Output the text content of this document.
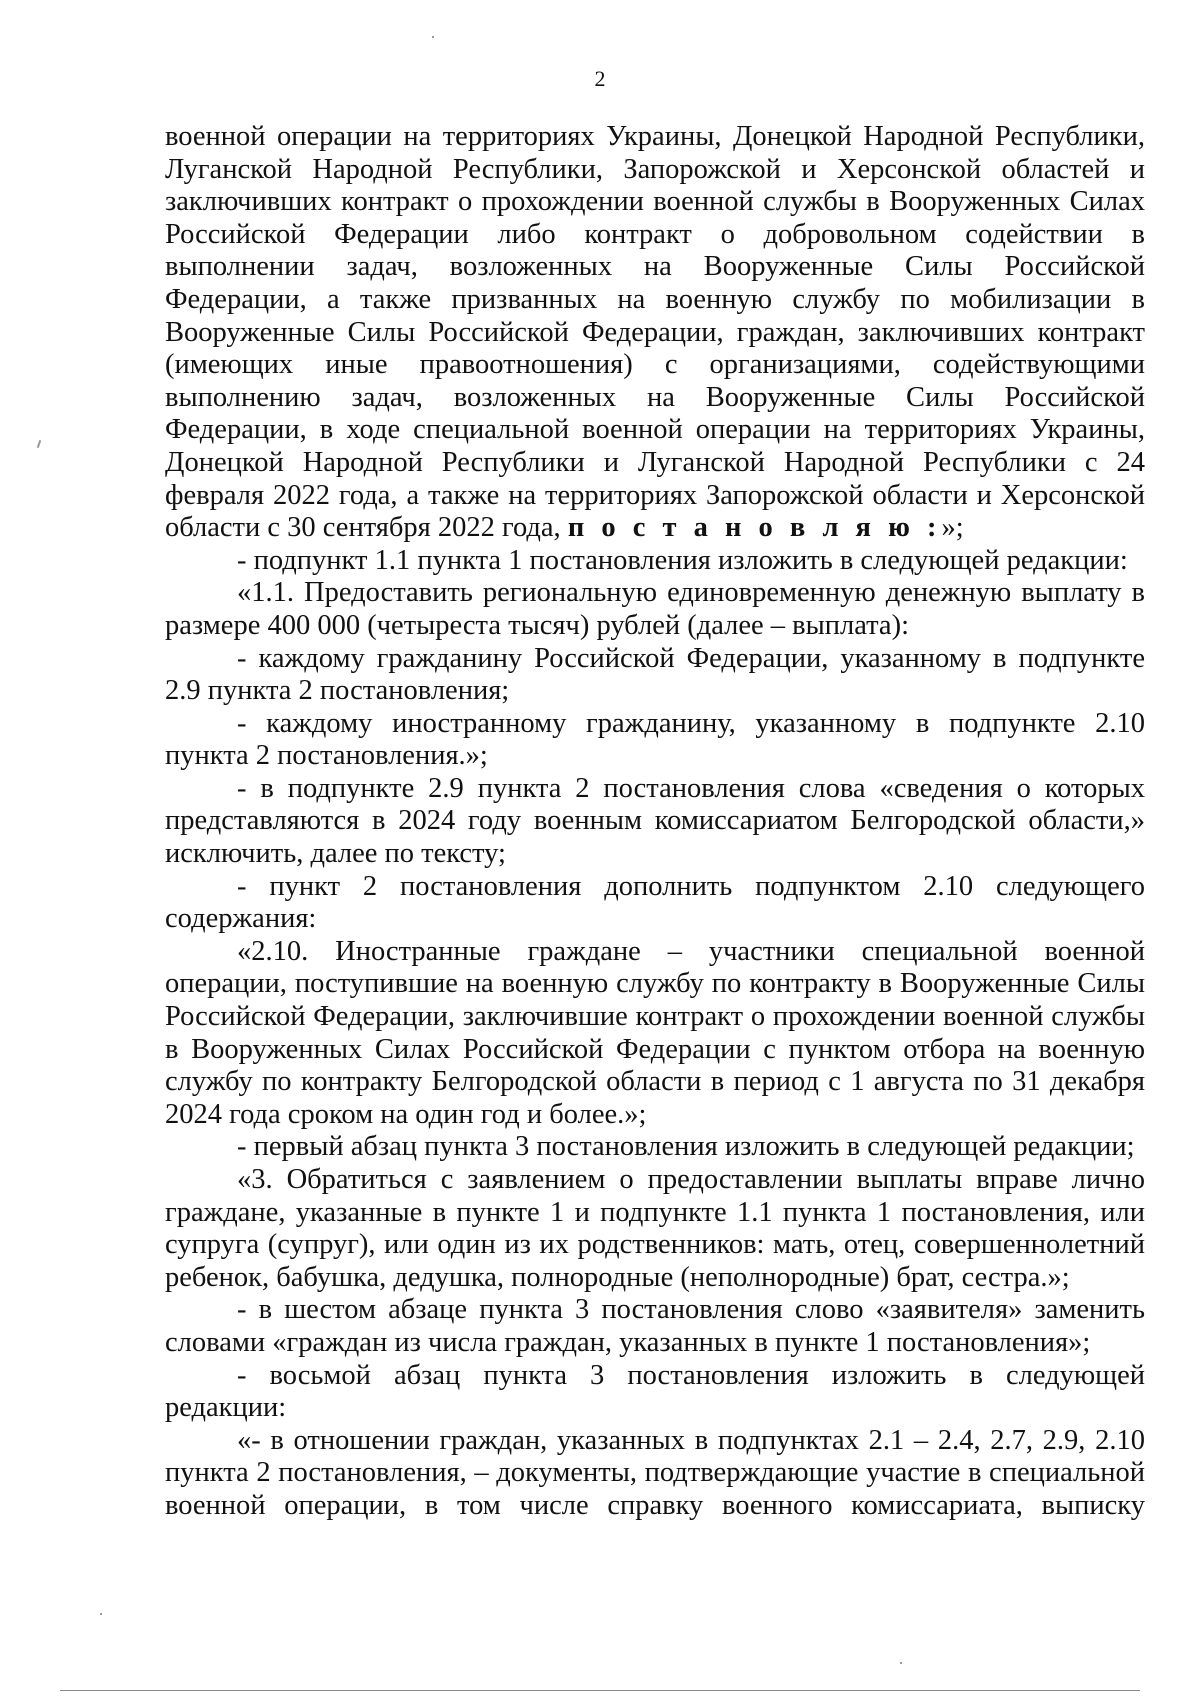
2

военной операции на территориях Украины, Донецкой Народной Республики, Луганской Народной Республики, Запорожской и Херсонской областей и заключивших контракт о прохождении военной службы в Вооруженных Силах Российской Федерации либо контракт о добровольном содействии в выполнении задач, возложенных на Вооруженные Силы Российской Федерации, а также призванных на военную службу по мобилизации в Вооруженные Силы Российской Федерации, граждан, заключивших контракт (имеющих иные правоотношения) с организациями, содействующими выполнению задач, возложенных на Вооруженные Силы Российской Федерации, в ходе специальной военной операции на территориях Украины, Донецкой Народной Республики и Луганской Народной Республики с 24 февраля 2022 года, а также на территориях Запорожской области и Херсонской области с 30 сентября 2022 года, п о с т а н о в л я ю :»;

- подпункт 1.1 пункта 1 постановления изложить в следующей редакции:

«1.1. Предоставить региональную единовременную денежную выплату в размере 400 000 (четыреста тысяч) рублей (далее – выплата):

- каждому гражданину Российской Федерации, указанному в подпункте 2.9 пункта 2 постановления;

- каждому иностранному гражданину, указанному в подпункте 2.10 пункта 2 постановления.»;

- в подпункте 2.9 пункта 2 постановления слова «сведения о которых представляются в 2024 году военным комиссариатом Белгородской области,» исключить, далее по тексту;

- пункт 2 постановления дополнить подпунктом 2.10 следующего содержания:

«2.10. Иностранные граждане – участники специальной военной операции, поступившие на военную службу по контракту в Вооруженные Силы Российской Федерации, заключившие контракт о прохождении военной службы в Вооруженных Силах Российской Федерации с пунктом отбора на военную службу по контракту Белгородской области в период с 1 августа по 31 декабря 2024 года сроком на один год и более.»;

- первый абзац пункта 3 постановления изложить в следующей редакции;

«3. Обратиться с заявлением о предоставлении выплаты вправе лично граждане, указанные в пункте 1 и подпункте 1.1 пункта 1 постановления, или супруга (супруг), или один из их родственников: мать, отец, совершеннолетний ребенок, бабушка, дедушка, полнородные (неполнородные) брат, сестра.»;

- в шестом абзаце пункта 3 постановления слово «заявителя» заменить словами «граждан из числа граждан, указанных в пункте 1 постановления»;

- восьмой абзац пункта 3 постановления изложить в следующей редакции:

«- в отношении граждан, указанных в подпунктах 2.1 – 2.4, 2.7, 2.9, 2.10 пункта 2 постановления, – документы, подтверждающие участие в специальной военной операции, в том числе справку военного комиссариата, выписку
